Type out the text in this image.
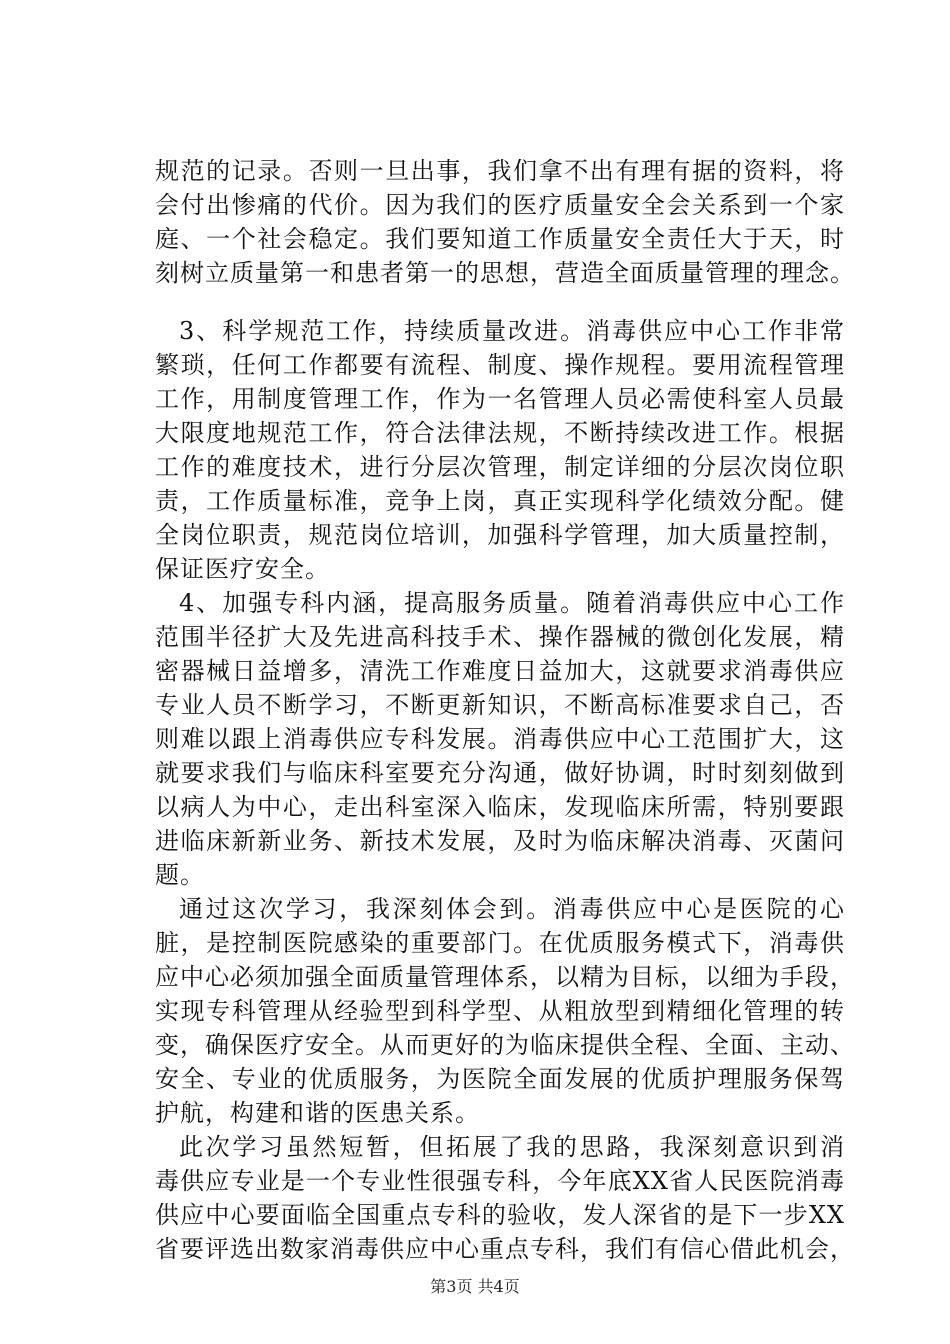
规范的记录。否则一旦出事，我们拿不出有理有据的资料，将
会付出惨痛的代价。因为我们的医疗质量安全会关系到一个家
庭、一个社会稳定。我们要知道工作质量安全责任大于天，时
刻树立质量第一和患者第一的思想，营造全面质量管理的理念。
3、科学规范工作，持续质量改进。消毒供应中心工作非常
繁琐，任何工作都要有流程、制度、操作规程。要用流程管理
工作，用制度管理工作，作为一名管理人员必需使科室人员最
大限度地规范工作，符合法律法规，不断持续改进工作。根据
工作的难度技术，进行分层次管理，制定详细的分层次岗位职
责，工作质量标准，竞争上岗，真正实现科学化绩效分配。健
全岗位职责，规范岗位培训，加强科学管理，加大质量控制，
保证医疗安全。
4、加强专科内涵，提高服务质量。随着消毒供应中心工作
范围半径扩大及先进高科技手术、操作器械的微创化发展，精
密器械日益增多，清洗工作难度日益加大，这就要求消毒供应
专业人员不断学习，不断更新知识，不断高标准要求自己，否
则难以跟上消毒供应专科发展。消毒供应中心工范围扩大，这
就要求我们与临床科室要充分沟通，做好协调，时时刻刻做到
以病人为中心，走出科室深入临床，发现临床所需，特别要跟
进临床新新业务、新技术发展，及时为临床解决消毒、灭菌问
题。
通过这次学习，我深刻体会到。消毒供应中心是医院的心
脏，是控制医院感染的重要部门。在优质服务模式下，消毒供
应中心必须加强全面质量管理体系，以精为目标，以细为手段，
实现专科管理从经验型到科学型、从粗放型到精细化管理的转
变，确保医疗安全。从而更好的为临床提供全程、全面、主动、
安全、专业的优质服务，为医院全面发展的优质护理服务保驾
护航，构建和谐的医患关系。
此次学习虽然短暂，但拓展了我的思路，我深刻意识到消
毒供应专业是一个专业性很强专科，今年底XX省人民医院消毒
供应中心要面临全国重点专科的验收，发人深省的是下一步XX
省要评选出数家消毒供应中心重点专科，我们有信心借此机会，
第3页 共4页
